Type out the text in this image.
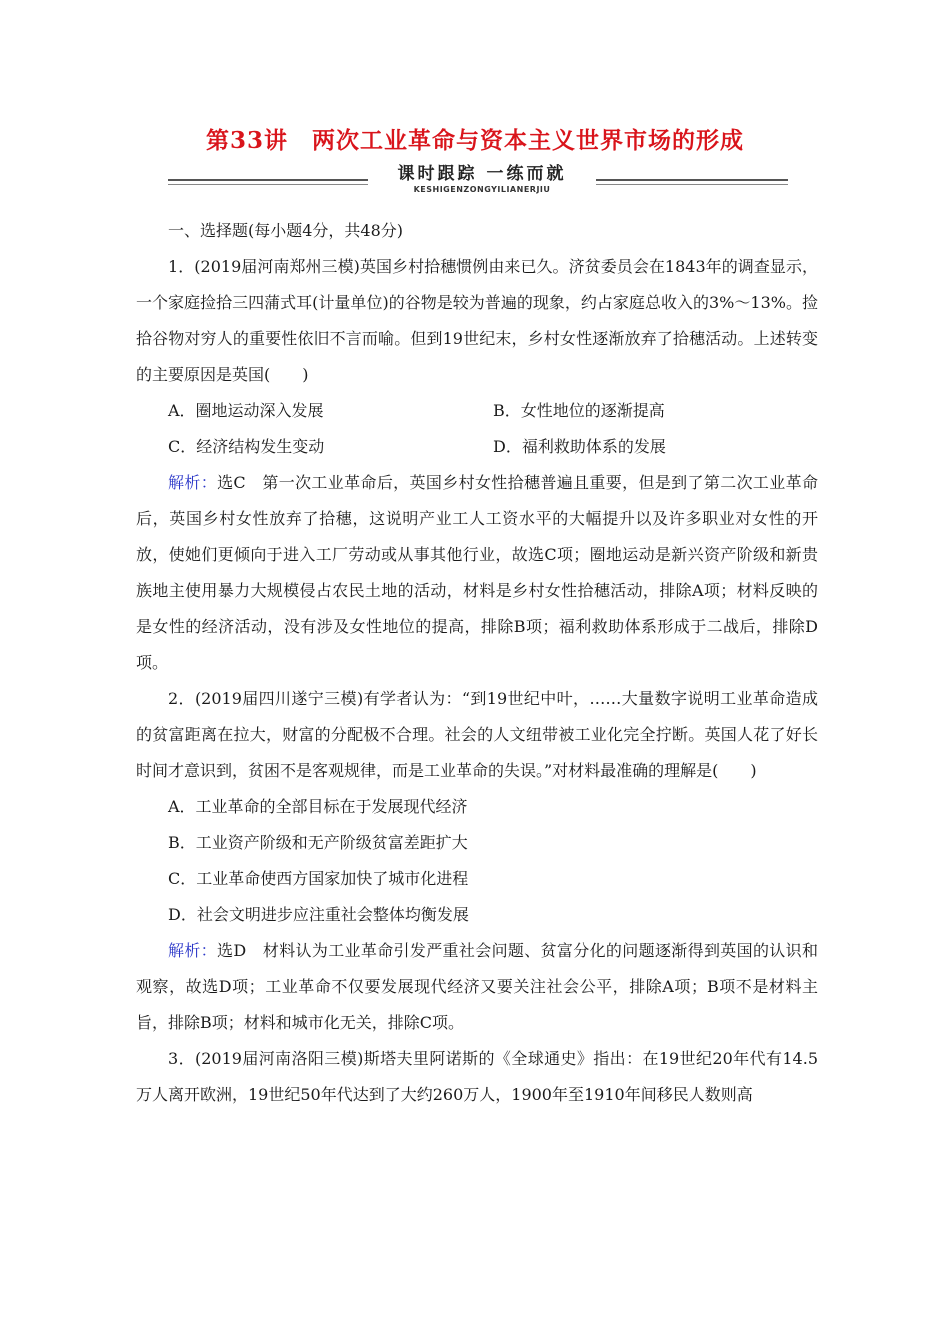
第33讲　两次工业革命与资本主义世界市场的形成
课时跟踪 一练而就
KESHIGENZONGYILIANERJIU

一、选择题(每小题4分，共48分)

1．(2019届河南郑州三模)英国乡村拾穗惯例由来已久。济贫委员会在1843年的调查显示，一个家庭捡拾三四蒲式耳(计量单位)的谷物是较为普遍的现象，约占家庭总收入的3%～13%。捡拾谷物对穷人的重要性依旧不言而喻。但到19世纪末，乡村女性逐渐放弃了拾穗活动。上述转变的主要原因是英国(　　)

A．圈地运动深入发展	B．女性地位的逐渐提高
C．经济结构发生变动	D．福利救助体系的发展

解析：选C　第一次工业革命后，英国乡村女性拾穗普遍且重要，但是到了第二次工业革命后，英国乡村女性放弃了拾穗，这说明产业工人工资水平的大幅提升以及许多职业对女性的开放，使她们更倾向于进入工厂劳动或从事其他行业，故选C项；圈地运动是新兴资产阶级和新贵族地主使用暴力大规模侵占农民土地的活动，材料是乡村女性拾穗活动，排除A项；材料反映的是女性的经济活动，没有涉及女性地位的提高，排除B项；福利救助体系形成于二战后，排除D项。

2．(2019届四川遂宁三模)有学者认为：“到19世纪中叶，……大量数字说明工业革命造成的贫富距离在拉大，财富的分配极不合理。社会的人文纽带被工业化完全拧断。英国人花了好长时间才意识到，贫困不是客观规律，而是工业革命的失误。”对材料最准确的理解是(　　)

A．工业革命的全部目标在于发展现代经济
B．工业资产阶级和无产阶级贫富差距扩大
C．工业革命使西方国家加快了城市化进程
D．社会文明进步应注重社会整体均衡发展

解析：选D　材料认为工业革命引发严重社会问题、贫富分化的问题逐渐得到英国的认识和观察，故选D项；工业革命不仅要发展现代经济又要关注社会公平，排除A项；B项不是材料主旨，排除B项；材料和城市化无关，排除C项。

3．(2019届河南洛阳三模)斯塔夫里阿诺斯的《全球通史》指出：在19世纪20年代有14.5万人离开欧洲，19世纪50年代达到了大约260万人，1900年至1910年间移民人数则高
